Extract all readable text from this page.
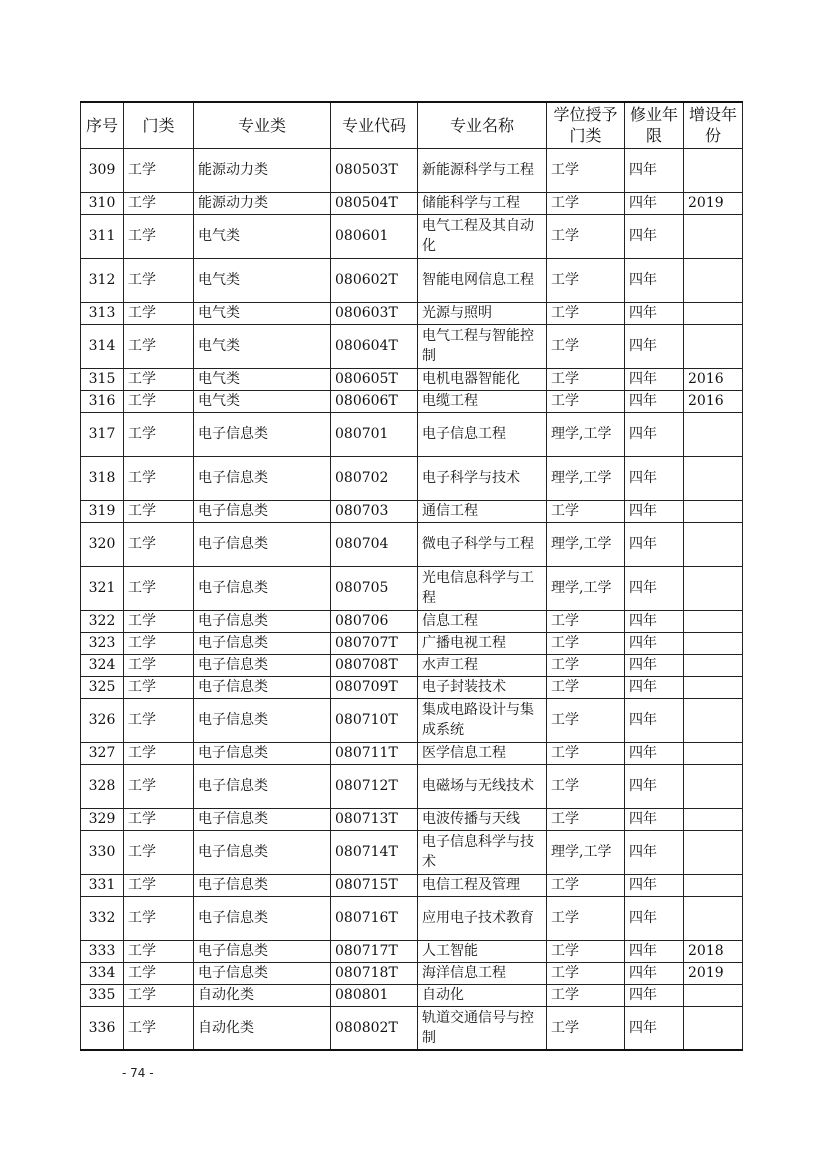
序号	门类	专业类	专业代码	专业名称	学位授予门类	修业年限	增设年份
309	工学	能源动力类	080503T	新能源科学与工程	工学	四年	
310	工学	能源动力类	080504T	储能科学与工程	工学	四年	2019
311	工学	电气类	080601	电气工程及其自动化	工学	四年	
312	工学	电气类	080602T	智能电网信息工程	工学	四年	
313	工学	电气类	080603T	光源与照明	工学	四年	
314	工学	电气类	080604T	电气工程与智能控制	工学	四年	
315	工学	电气类	080605T	电机电器智能化	工学	四年	2016
316	工学	电气类	080606T	电缆工程	工学	四年	2016
317	工学	电子信息类	080701	电子信息工程	理学,工学	四年	
318	工学	电子信息类	080702	电子科学与技术	理学,工学	四年	
319	工学	电子信息类	080703	通信工程	工学	四年	
320	工学	电子信息类	080704	微电子科学与工程	理学,工学	四年	
321	工学	电子信息类	080705	光电信息科学与工程	理学,工学	四年	
322	工学	电子信息类	080706	信息工程	工学	四年	
323	工学	电子信息类	080707T	广播电视工程	工学	四年	
324	工学	电子信息类	080708T	水声工程	工学	四年	
325	工学	电子信息类	080709T	电子封装技术	工学	四年	
326	工学	电子信息类	080710T	集成电路设计与集成系统	工学	四年	
327	工学	电子信息类	080711T	医学信息工程	工学	四年	
328	工学	电子信息类	080712T	电磁场与无线技术	工学	四年	
329	工学	电子信息类	080713T	电波传播与天线	工学	四年	
330	工学	电子信息类	080714T	电子信息科学与技术	理学,工学	四年	
331	工学	电子信息类	080715T	电信工程及管理	工学	四年	
332	工学	电子信息类	080716T	应用电子技术教育	工学	四年	
333	工学	电子信息类	080717T	人工智能	工学	四年	2018
334	工学	电子信息类	080718T	海洋信息工程	工学	四年	2019
335	工学	自动化类	080801	自动化	工学	四年	
336	工学	自动化类	080802T	轨道交通信号与控制	工学	四年	
- 74 -
